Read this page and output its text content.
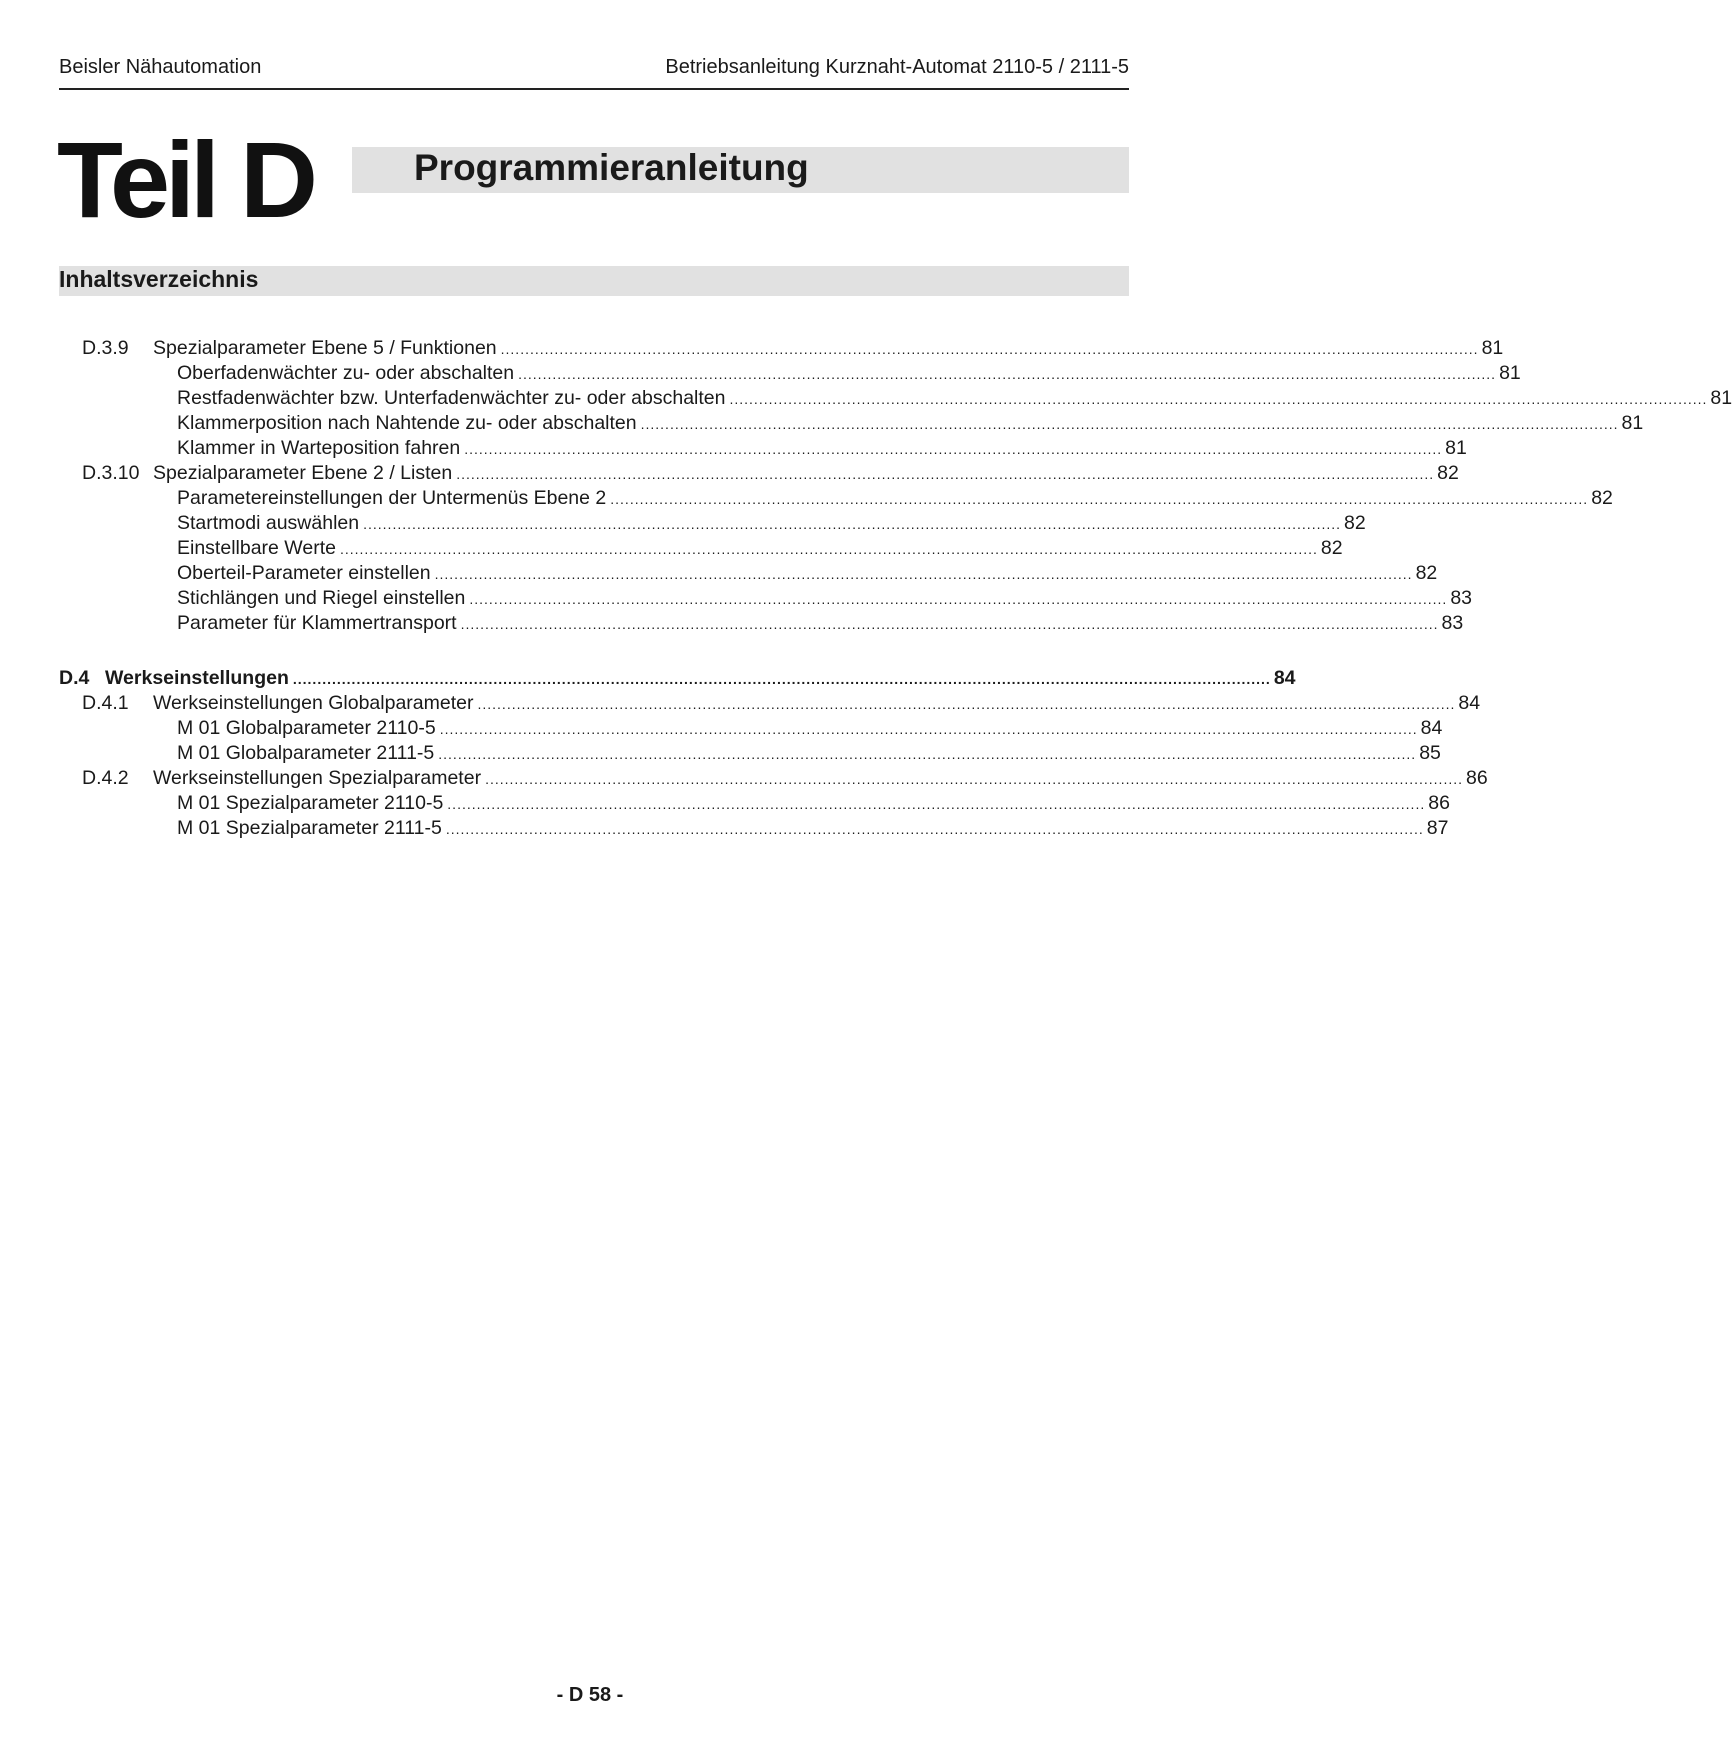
Beisler Nähautomation	Betriebsanleitung Kurznaht-Automat 2110-5 / 2111-5
Teil D	Programmieranleitung
Inhaltsverzeichnis
D.3.9 Spezialparameter Ebene 5 / Funktionen ........................................................................................................................................................................................................ 81
Oberfadenwächter zu- oder abschalten ........................................................................................................................................................................................................ 81
Restfadenwächter bzw. Unterfadenwächter zu- oder abschalten ........................................................................................................................................................................................................ 81
Klammerposition nach Nahtende zu- oder abschalten ........................................................................................................................................................................................................ 81
Klammer in Warteposition fahren ........................................................................................................................................................................................................ 81
D.3.10 Spezialparameter Ebene 2 / Listen ........................................................................................................................................................................................................ 82
Parametereinstellungen der Untermenüs Ebene 2 ........................................................................................................................................................................................................ 82
Startmodi auswählen ........................................................................................................................................................................................................ 82
Einstellbare Werte ........................................................................................................................................................................................................ 82
Oberteil-Parameter einstellen ........................................................................................................................................................................................................ 82
Stichlängen und Riegel einstellen ........................................................................................................................................................................................................ 83
Parameter für Klammertransport ........................................................................................................................................................................................................ 83
D.4 Werkseinstellungen ........................................................................................................................................................................................................ 84
D.4.1 Werkseinstellungen Globalparameter ........................................................................................................................................................................................................ 84
M 01 Globalparameter 2110-5 ........................................................................................................................................................................................................ 84
M 01 Globalparameter 2111-5 ........................................................................................................................................................................................................ 85
D.4.2 Werkseinstellungen Spezialparameter ........................................................................................................................................................................................................ 86
M 01 Spezialparameter 2110-5 ........................................................................................................................................................................................................ 86
M 01 Spezialparameter 2111-5 ........................................................................................................................................................................................................ 87
- D 58 -
